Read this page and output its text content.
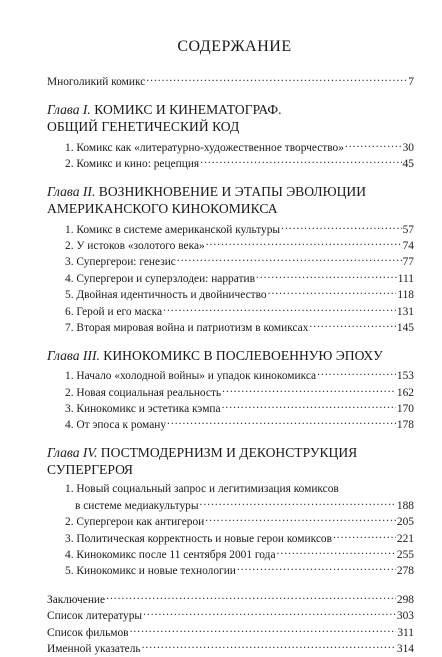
СОДЕРЖАНИЕ
Многоликий комикс .....	7
Глава I. КОМИКС И КИНЕМАТОГРАФ.
ОБЩИЙ ГЕНЕТИЧЕСКИЙ КОД
1. Комикс как «литературно-художественное творчество» .....	30
2. Комикс и кино: рецепция .....	45
Глава II. ВОЗНИКНОВЕНИЕ И ЭТАПЫ ЭВОЛЮЦИИ
АМЕРИКАНСКОГО КИНОКОМИКСА
1. Комикс в системе американской культуры .....	57
2. У истоков «золотого века» .....	74
3. Супергерои: генезис .....	77
4. Супергерои и суперзлодеи: нарратив .....	111
5. Двойная идентичность и двойничество .....	118
6. Герой и его маска .....	131
7. Вторая мировая война и патриотизм в комиксах .....	145
Глава III. КИНОКОМИКС В ПОСЛЕВОЕННУЮ ЭПОХУ
1. Начало «холодной войны» и упадок кинокомикса .....	153
2. Новая социальная реальность .....	162
3. Кинокомикс и эстетика кэмпа .....	170
4. От эпоса к роману .....	178
Глава IV. ПОСТМОДЕРНИЗМ И ДЕКОНСТРУКЦИЯ
СУПЕРГЕРОЯ
1. Новый социальный запрос и легитимизация комиксов
в системе медиакультуры .....	188
2. Супергерои как антигерои .....	205
3. Политическая корректность и новые герои комиксов .....	221
4. Кинокомикс после 11 сентября 2001 года .....	255
5. Кинокомикс и новые технологии .....	278
Заключение .....	298
Список литературы .....	303
Список фильмов .....	311
Именной указатель .....	314
